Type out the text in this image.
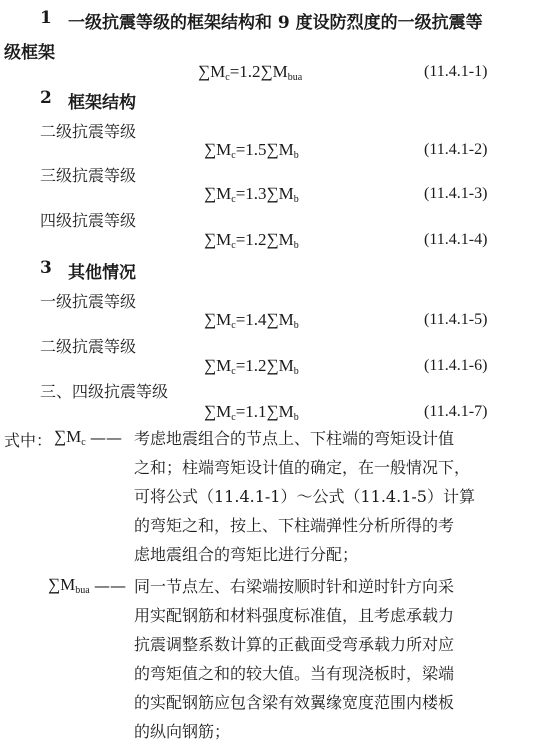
1 一级抗震等级的框架结构和 9 度设防烈度的一级抗震等
级框架
$\sum M_c=1.2\sum M_{bua}$	(11.4.1-1)
2 框架结构
二级抗震等级
$\sum M_c=1.5\sum M_b$	(11.4.1-2)
三级抗震等级
$\sum M_c=1.3\sum M_b$	(11.4.1-3)
四级抗震等级
$\sum M_c=1.2\sum M_b$	(11.4.1-4)
3 其他情况
一级抗震等级
$\sum M_c=1.4\sum M_b$	(11.4.1-5)
二级抗震等级
$\sum M_c=1.2\sum M_b$	(11.4.1-6)
三、四级抗震等级
$\sum M_c=1.1\sum M_b$	(11.4.1-7)
式中： $\sum M_c$ —— 考虑地震组合的节点上、下柱端的弯矩设计值
之和；柱端弯矩设计值的确定，在一般情况下，
可将公式（11.4.1-1）～公式（11.4.1-5）计算
的弯矩之和，按上、下柱端弹性分析所得的考
虑地震组合的弯矩比进行分配；
$\sum M_{bua}$ —— 同一节点左、右梁端按顺时针和逆时针方向采
用实配钢筋和材料强度标准值，且考虑承载力
抗震调整系数计算的正截面受弯承载力所对应
的弯矩值之和的较大值。当有现浇板时，梁端
的实配钢筋应包含梁有效翼缘宽度范围内楼板
的纵向钢筋；
